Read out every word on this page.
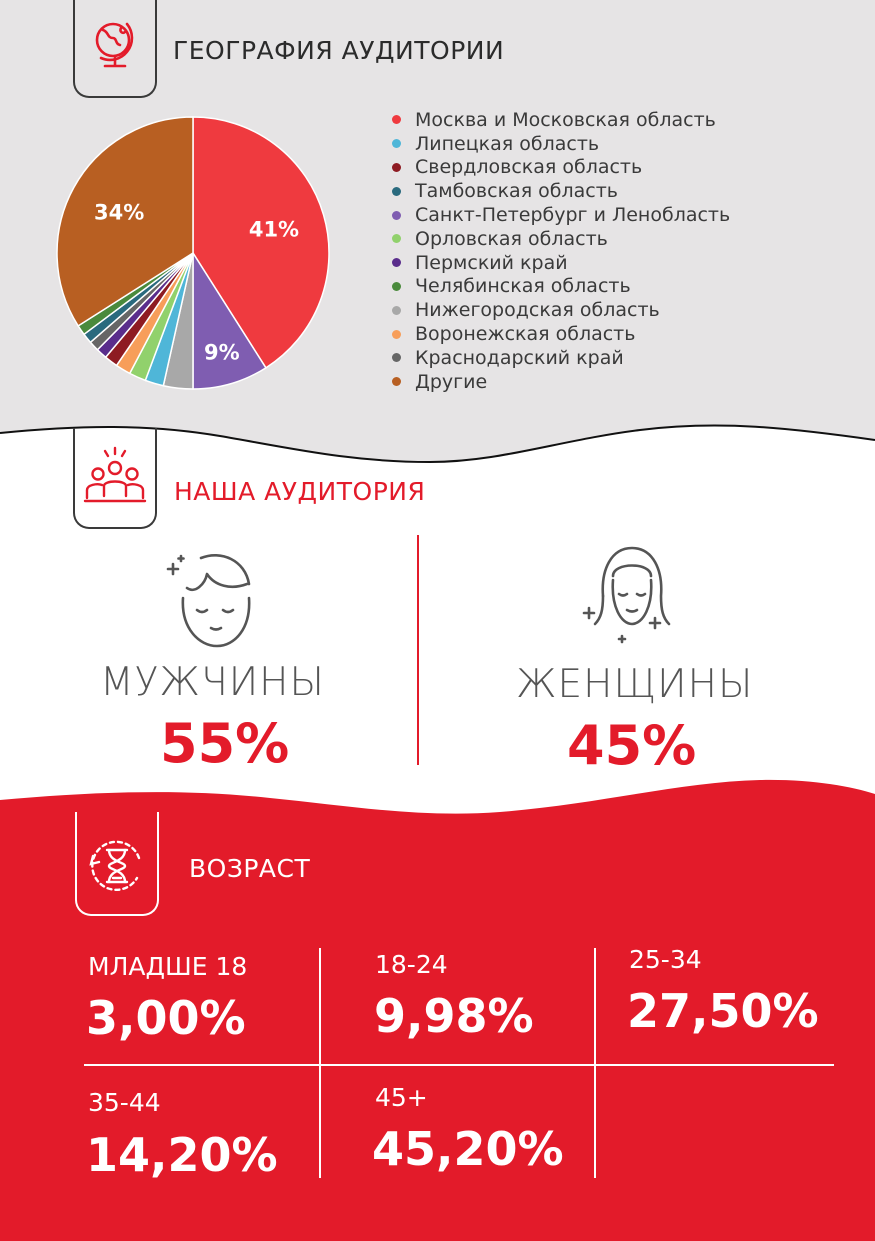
ГЕОГРАФИЯ АУДИТОРИИ
41%
9%
34%
Москва и Московская область
Липецкая область
Свердловская область
Тамбовская область
Санкт-Петербург и Ленобласть
Орловская область
Пермский край
Челябинская область
Нижегородская область
Воронежская область
Краснодарский край
Другие
НАША АУДИТОРИЯ
МУЖЧИНЫ
55%
ЖЕНЩИНЫ
45%
ВОЗРАСТ
МЛАДШЕ 18
3,00%
18-24
9,98%
25-34
27,50%
35-44
14,20%
45+
45,20%
